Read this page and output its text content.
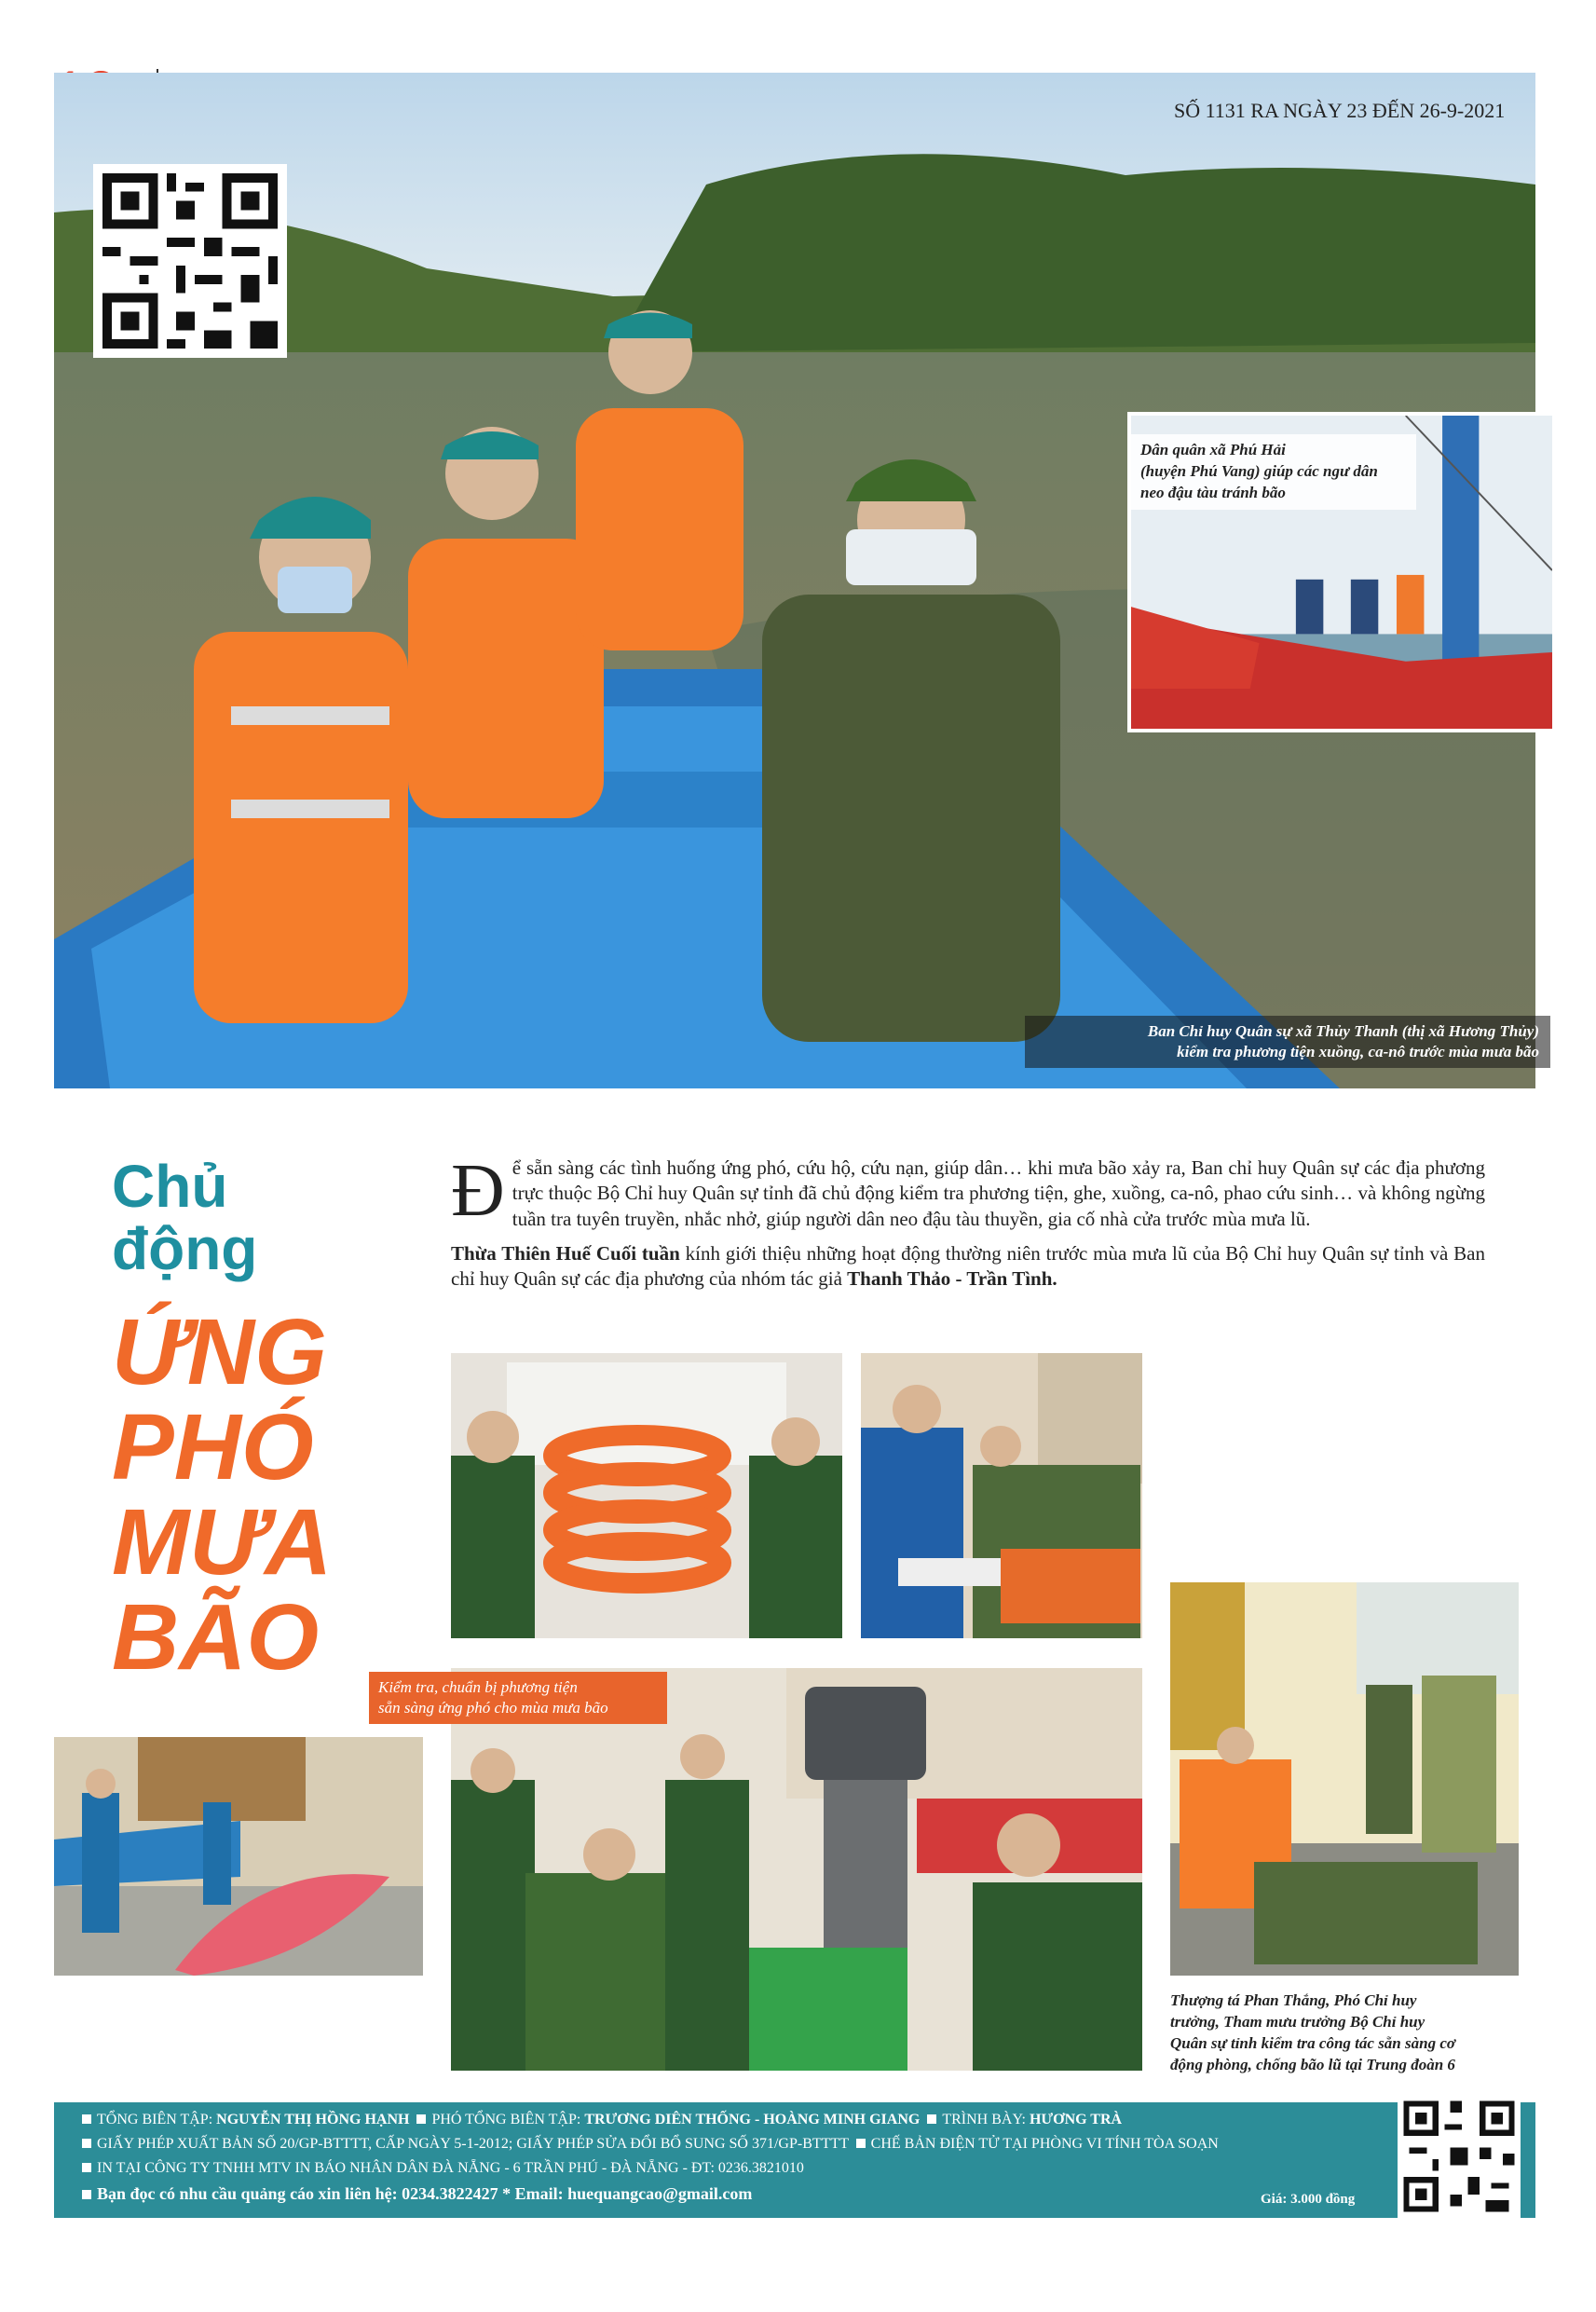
SỐ 1131 RA NGÀY 23 ĐẾN 26-9-2021
Ban Chỉ huy Quân sự xã Thủy Thanh (thị xã Hương Thủy)
kiểm tra phương tiện xuồng, ca-nô trước mùa mưa bão
Dân quân xã Phú Hải
(huyện Phú Vang) giúp các ngư dân
neo đậu tàu tránh bão
Chủ
động
ỨNG
PHÓ
MƯA
BÃO

Để sẵn sàng các tình huống ứng phó, cứu hộ, cứu nạn, giúp dân… khi mưa bão xảy ra, Ban chỉ huy Quân sự các địa phương trực thuộc Bộ Chỉ huy Quân sự tỉnh đã chủ động kiểm tra phương tiện, ghe, xuồng, ca-nô, phao cứu sinh… và không ngừng tuần tra tuyên truyền, nhắc nhở, giúp người dân neo đậu tàu thuyền, gia cố nhà cửa trước mùa mưa lũ.

Thừa Thiên Huế Cuối tuần kính giới thiệu những hoạt động thường niên trước mùa mưa lũ của Bộ Chỉ huy Quân sự tỉnh và Ban chỉ huy Quân sự các địa phương của nhóm tác giả Thanh Thảo - Trần Tình.

Kiểm tra, chuẩn bị phương tiện
sẵn sàng ứng phó cho mùa mưa bão
Thượng tá Phan Thắng, Phó Chỉ huy
trưởng, Tham mưu trưởng Bộ Chỉ huy
Quân sự tỉnh kiểm tra công tác sẵn sàng cơ
động phòng, chống bão lũ tại Trung đoàn 6
TỔNG BIÊN TẬP: NGUYỄN THỊ HỒNG HẠNH PHÓ TỔNG BIÊN TẬP: TRƯƠNG DIÊN THỐNG - HOÀNG MINH GIANG TRÌNH BÀY: HƯƠNG TRÀ
GIẤY PHÉP XUẤT BẢN SỐ 20/GP-BTTTT, CẤP NGÀY 5-1-2012; GIẤY PHÉP SỬA ĐỔI BỔ SUNG SỐ 371/GP-BTTTT CHẾ BẢN ĐIỆN TỬ TẠI PHÒNG VI TÍNH TÒA SOẠN
IN TẠI CÔNG TY TNHH MTV IN BÁO NHÂN DÂN ĐÀ NẴNG - 6 TRẦN PHÚ - ĐÀ NẴNG - ĐT: 0236.3821010
Bạn đọc có nhu cầu quảng cáo xin liên hệ: 0234.3822427 * Email: huequangcao@gmail.com	Giá: 3.000 đồng
